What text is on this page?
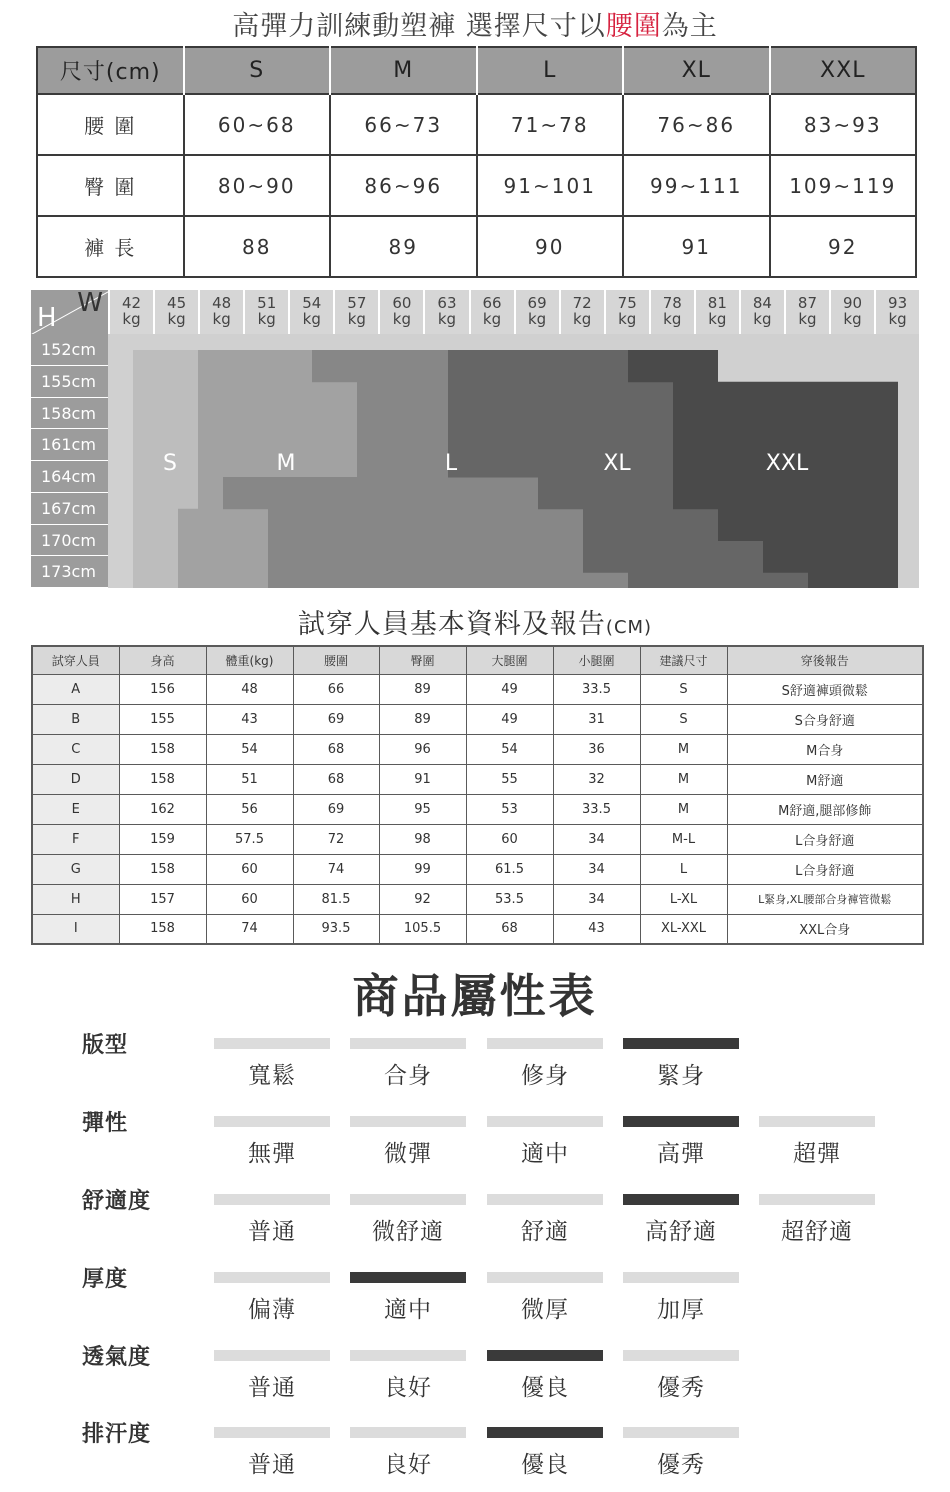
高彈力訓練動塑褲 選擇尺寸以腰圍為主
尺寸(cm)	S	M	L	XL	XXL
腰 圍	60~68	66~73	71~78	76~86	83~93
臀 圍	80~90	86~96	91~101	99~111	109~119
褲 長	88	89	90	91	92
W
H	42
kg
45
kg
48
kg
51
kg
54
kg
57
kg
60
kg
63
kg
66
kg
69
kg
72
kg
75
kg
78
kg
81
kg
84
kg
87
kg
90
kg
93
kg
152cm
155cm
158cm
161cm
164cm
167cm
170cm
173cm
S	M	L	XL	XXL
試穿人員基本資料及報告(CM)
試穿人員	身高	體重(kg)	腰圍	臀圍	大腿圍	小腿圍	建議尺寸	穿後報告
A	156	48	66	89	49	33.5	S	S舒適褲頭微鬆
B	155	43	69	89	49	31	S	S合身舒適
C	158	54	68	96	54	36	M	M合身
D	158	51	68	91	55	32	M	M舒適
E	162	56	69	95	53	33.5	M	M舒適,腿部修飾
F	159	57.5	72	98	60	34	M-L	L合身舒適
G	158	60	74	99	61.5	34	L	L合身舒適
H	157	60	81.5	92	53.5	34	L-XL	L緊身,XL腰部合身褲管微鬆
I	158	74	93.5	105.5	68	43	XL-XXL	XXL合身
商品屬性表
版型
寬鬆	合身	修身	緊身
彈性
無彈	微彈	適中	高彈	超彈
舒適度
普通	微舒適	舒適	高舒適	超舒適
厚度
偏薄	適中	微厚	加厚
透氣度
普通	良好	優良	優秀
排汗度
普通	良好	優良	優秀
